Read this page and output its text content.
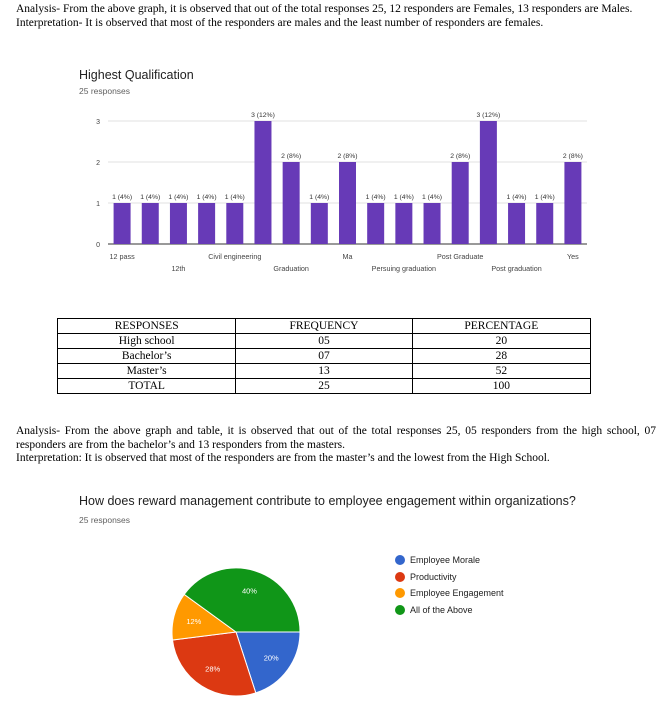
Analysis- From the above graph, it is observed that out of the total responses 25, 12 responders are Females, 13 responders are Males.

Interpretation- It is observed that most of the responders are males and the least number of responders are females.

Highest Qualification
25 responses
0
1
2
3
1 (4%) 1 (4%) 1 (4%) 1 (4%) 1 (4%)
3 (12%)
2 (8%)
1 (4%)
2 (8%)
1 (4%) 1 (4%) 1 (4%)
2 (8%)
3 (12%)
1 (4%) 1 (4%)
2 (8%)
12 pass
12th
Civil engineering
Graduation
Ma
Persuing graduation
Post Graduate
Post graduation
Yes
RESPONSES	FREQUENCY	PERCENTAGE
High school	05	20
Bachelor’s	07	28
Master’s	13	52
TOTAL	25	100

Analysis- From the above graph and table, it is observed that out of the total responses 25, 05 responders from the high school, 07 responders are from the bachelor’s and 13 responders from the masters.

Interpretation: It is observed that most of the responders are from the master’s and the lowest from the High School.

How does reward management contribute to employee engagement within organizations?
25 responses
20%
28%
12%
40%
Employee Morale
Productivity
Employee Engagement
All of the Above
